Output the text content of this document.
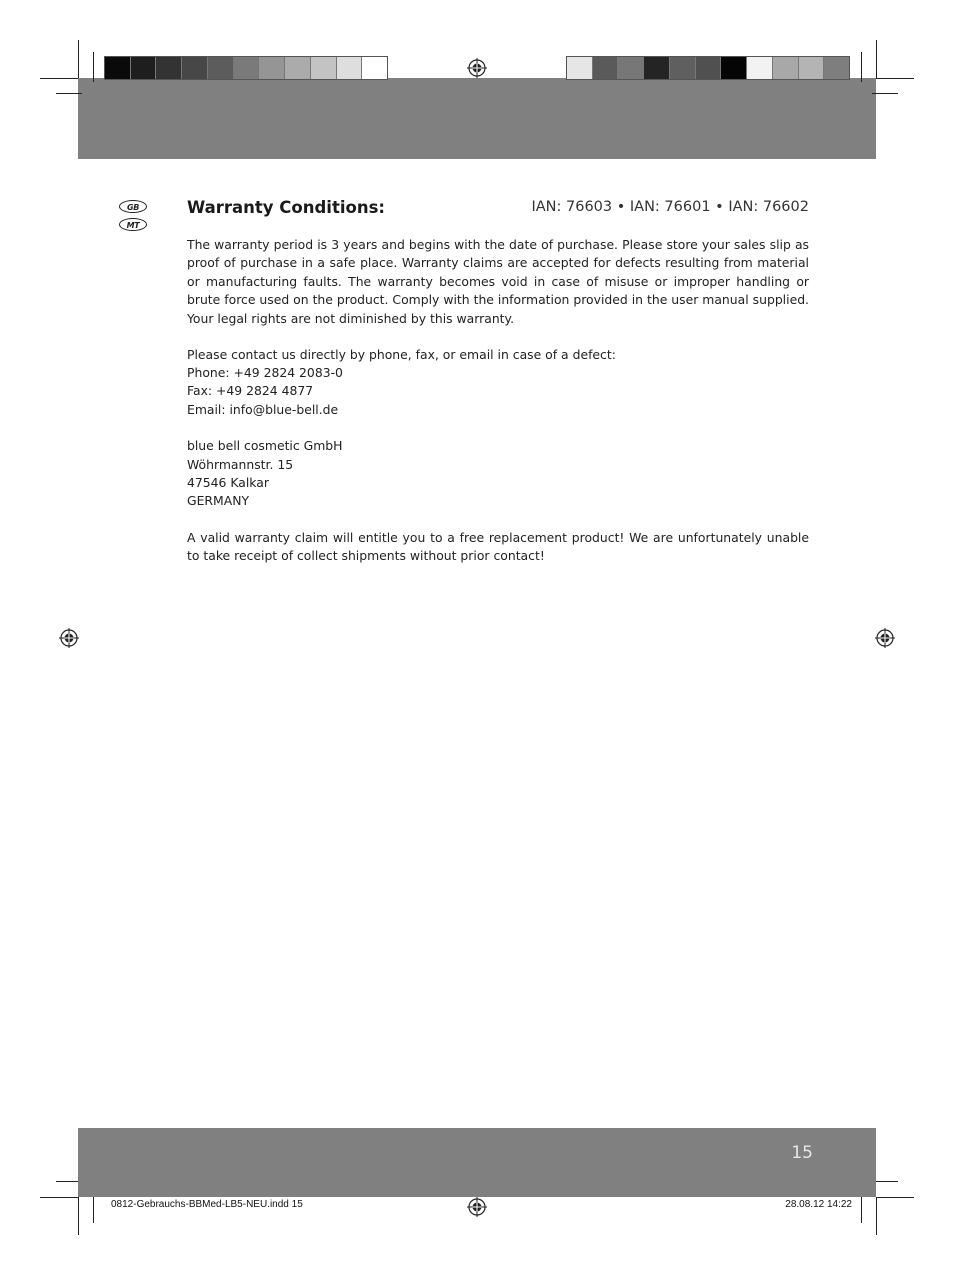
GB
MT
Warranty Conditions:	IAN: 76603 • IAN: 76601 • IAN: 76602

The warranty period is 3 years and begins with the date of purchase. Please store your sales slip as proof of purchase in a safe place. Warranty claims are accepted for defects resulting from material or manufacturing faults. The warranty becomes void in case of misuse or improper handling or brute force used on the product. Comply with the information provided in the user manual supplied. Your legal rights are not diminished by this warranty.

Please contact us directly by phone, fax, or email in case of a defect:
Phone: +49 2824 2083-0
Fax: +49 2824 4877
Email: info@blue-bell.de
blue bell cosmetic GmbH
Wöhrmannstr. 15
47546 Kalkar
GERMANY

A valid warranty claim will entitle you to a free replacement product! We are unfortunately unable to take receipt of collect shipments without prior contact!

15
0812-Gebrauchs-BBMed-LB5-NEU.indd 15	28.08.12 14:22
